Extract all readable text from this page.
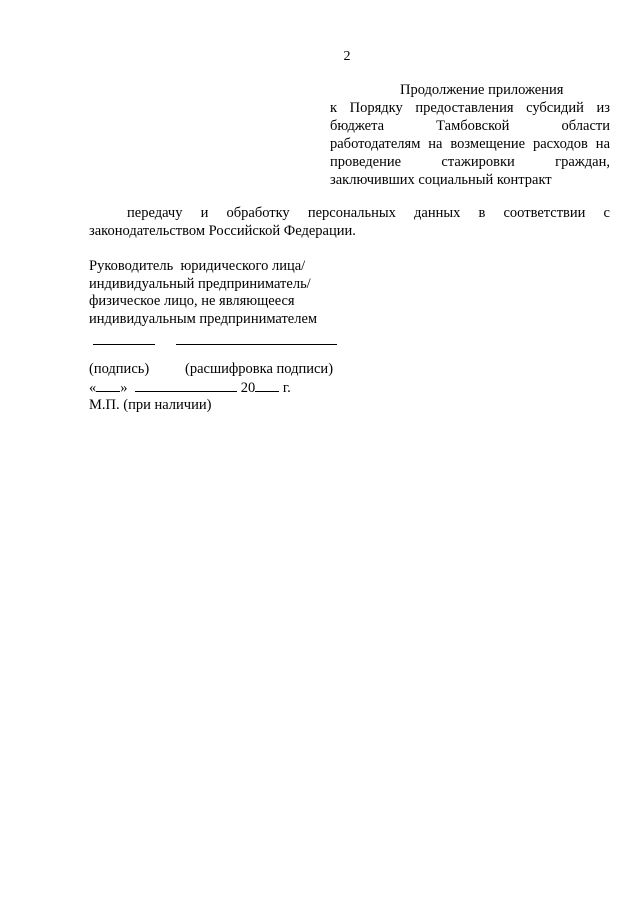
2
Продолжение приложения
к Порядку предоставления субсидий из
бюджета Тамбовской области
работодателям на возмещение расходов на
проведение стажировки граждан,
заключивших социальный контракт
передачу и обработку персональных данных в соответствии с
законодательством Российской Федерации.
Руководитель  юридического лица/
индивидуальный предприниматель/
физическое лицо, не являющееся
индивидуальным предпринимателем
(подпись) (расшифровка подписи)
« »	20 г.
М.П. (при наличии)
